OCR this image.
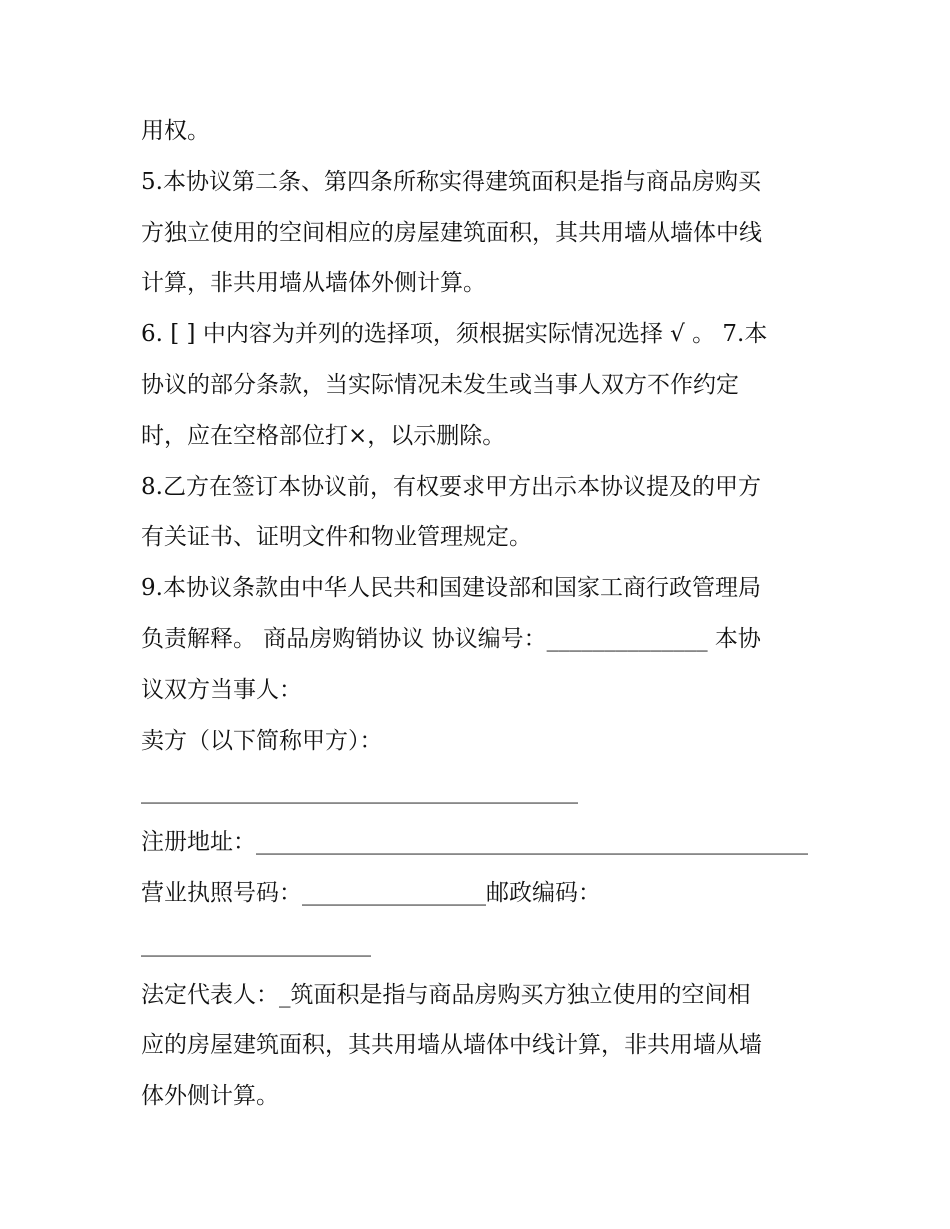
用权。
5.本协议第二条、第四条所称实得建筑面积是指与商品房购买
方独立使用的空间相应的房屋建筑面积，其共用墙从墙体中线
计算，非共用墙从墙体外侧计算。
6. [ ] 中内容为并列的选择项，须根据实际情况选择 √ 。 7.本
协议的部分条款，当实际情况未发生或当事人双方不作约定
时，应在空格部位打×，以示删除。
8.乙方在签订本协议前，有权要求甲方出示本协议提及的甲方
有关证书、证明文件和物业管理规定。
9.本协议条款由中华人民共和国建设部和国家工商行政管理局
负责解释。 商品房购销协议 协议编号：______________ 本协
议双方当事人：
卖方（以下简称甲方）：
______________________________________
注册地址：________________________________________________
营业执照号码：________________邮政编码：
____________________
法定代表人：_筑面积是指与商品房购买方独立使用的空间相
应的房屋建筑面积，其共用墙从墙体中线计算，非共用墙从墙
体外侧计算。
